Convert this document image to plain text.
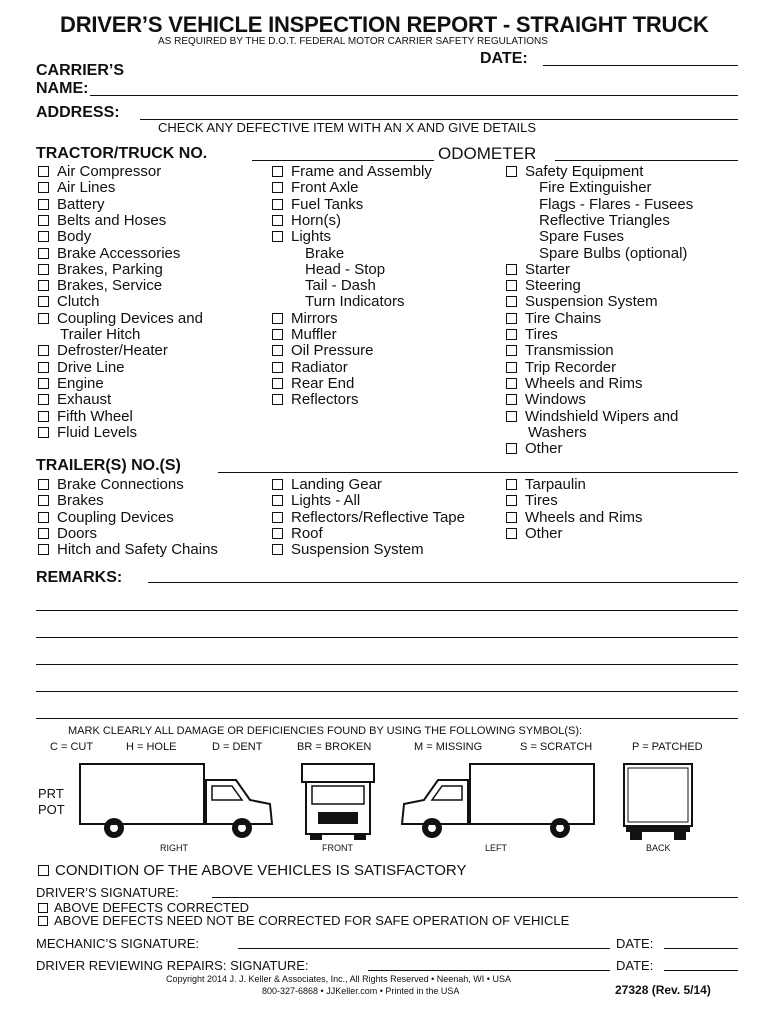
DRIVER’S VEHICLE INSPECTION REPORT - STRAIGHT TRUCK
AS REQUIRED BY THE D.O.T. FEDERAL MOTOR CARRIER SAFETY REGULATIONS
DATE:
CARRIER’S
NAME:
ADDRESS:
CHECK ANY DEFECTIVE ITEM WITH AN X AND GIVE DETAILS
TRACTOR/TRUCK NO.	ODOMETER
Air Compressor
Air Lines
Battery
Belts and Hoses
Body
Brake Accessories
Brakes, Parking
Brakes, Service
Clutch
Coupling Devices and
Trailer Hitch
Defroster/Heater
Drive Line
Engine
Exhaust
Fifth Wheel
Fluid Levels
Frame and Assembly
Front Axle
Fuel Tanks
Horn(s)
Lights
Brake
Head - Stop
Tail - Dash
Turn Indicators
Mirrors
Muffler
Oil Pressure
Radiator
Rear End
Reflectors
Safety Equipment
Fire Extinguisher
Flags - Flares - Fusees
Reflective Triangles
Spare Fuses
Spare Bulbs (optional)
Starter
Steering
Suspension System
Tire Chains
Tires
Transmission
Trip Recorder
Wheels and Rims
Windows
Windshield Wipers and
Washers
Other
TRAILER(S) NO.(S)
Brake Connections
Brakes
Coupling Devices
Doors
Hitch and Safety Chains
Landing Gear
Lights - All
Reflectors/Reflective Tape
Roof
Suspension System
Tarpaulin
Tires
Wheels and Rims
Other
REMARKS:
MARK CLEARLY ALL DAMAGE OR DEFICIENCIES FOUND BY USING THE FOLLOWING SYMBOL(S):
C = CUT	H = HOLE	D = DENT	BR = BROKEN	M = MISSING	S = SCRATCH	P = PATCHED
PRT
POT
RIGHT	FRONT	LEFT	BACK
CONDITION OF THE ABOVE VEHICLES IS SATISFACTORY
DRIVER’S SIGNATURE:
ABOVE DEFECTS CORRECTED
ABOVE DEFECTS NEED NOT BE CORRECTED FOR SAFE OPERATION OF VEHICLE
MECHANIC’S SIGNATURE:	DATE:
DRIVER REVIEWING REPAIRS: SIGNATURE:	DATE:
Copyright 2014 J. J. Keller & Associates, Inc., All Rights Reserved • Neenah, WI • USA
800-327-6868 • JJKeller.com • Printed in the USA	27328 (Rev. 5/14)
